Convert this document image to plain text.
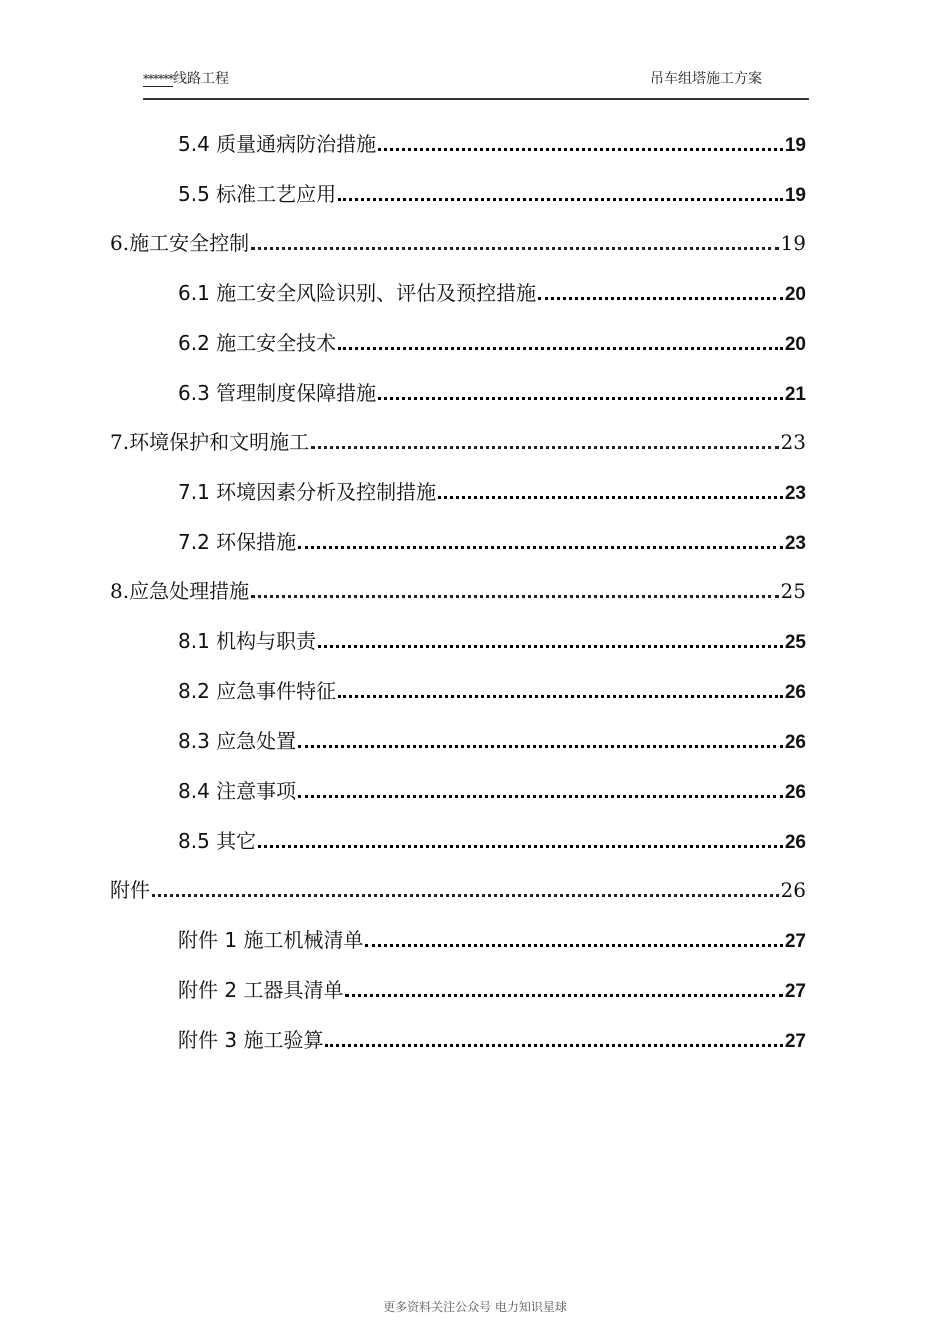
******线路工程	吊车组塔施工方案
5.4 质量通病防治措施	19
5.5 标准工艺应用	19
6.施工安全控制	19
6.1 施工安全风险识别、评估及预控措施	20
6.2 施工安全技术	20
6.3 管理制度保障措施	21
7.环境保护和文明施工	23
7.1 环境因素分析及控制措施	23
7.2 环保措施	23
8.应急处理措施	25
8.1 机构与职责	25
8.2 应急事件特征	26
8.3 应急处置	26
8.4 注意事项	26
8.5 其它	26
附件	26
附件 1 施工机械清单	27
附件 2 工器具清单	27
附件 3 施工验算	27
更多资料关注公众号 电力知识星球
